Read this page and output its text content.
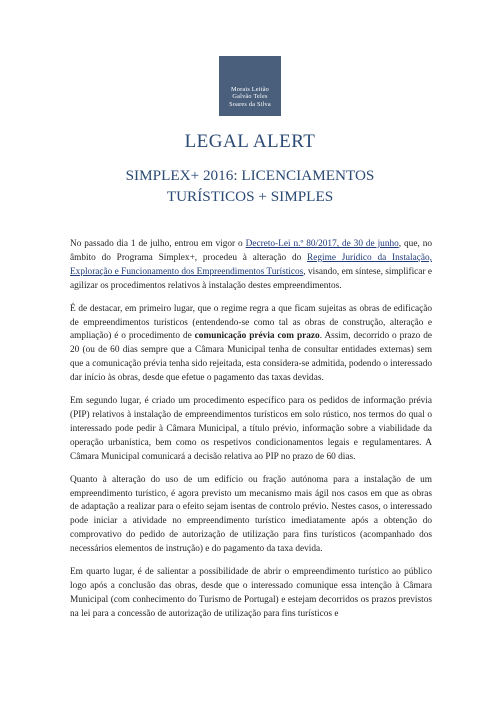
Morais Leitão
Galvão Teles
Soares da Silva
LEGAL ALERT
SIMPLEX+ 2016: LICENCIAMENTOS
TURÍSTICOS + SIMPLES

No passado dia 1 de julho, entrou em vigor o Decreto-Lei n.º 80/2017, de 30 de junho, que, no âmbito do Programa Simplex+, procedeu à alteração do Regime Jurídico da Instalação, Exploração e Funcionamento dos Empreendimentos Turísticos, visando, em síntese, simplificar e agilizar os procedimentos relativos à instalação destes empreendimentos.

É de destacar, em primeiro lugar, que o regime regra a que ficam sujeitas as obras de edificação de empreendimentos turísticos (entendendo-se como tal as obras de construção, alteração e ampliação) é o procedimento de comunicação prévia com prazo. Assim, decorrido o prazo de 20 (ou de 60 dias sempre que a Câmara Municipal tenha de consultar entidades externas) sem que a comunicação prévia tenha sido rejeitada, esta considera-se admitida, podendo o interessado dar início às obras, desde que efetue o pagamento das taxas devidas.

Em segundo lugar, é criado um procedimento específico para os pedidos de informação prévia (PIP) relativos à instalação de empreendimentos turísticos em solo rústico, nos termos do qual o interessado pode pedir à Câmara Municipal, a título prévio, informação sobre a viabilidade da operação urbanística, bem como os respetivos condicionamentos legais e regulamentares. A Câmara Municipal comunicará a decisão relativa ao PIP no prazo de 60 dias.

Quanto à alteração do uso de um edifício ou fração autónoma para a instalação de um empreendimento turístico, é agora previsto um mecanismo mais ágil nos casos em que as obras de adaptação a realizar para o efeito sejam isentas de controlo prévio. Nestes casos, o interessado pode iniciar a atividade no empreendimento turístico imediatamente após a obtenção do comprovativo do pedido de autorização de utilização para fins turísticos (acompanhado dos necessários elementos de instrução) e do pagamento da taxa devida.

Em quarto lugar, é de salientar a possibilidade de abrir o empreendimento turístico ao público logo após a conclusão das obras, desde que o interessado comunique essa intenção à Câmara Municipal (com conhecimento do Turismo de Portugal) e estejam decorridos os prazos previstos na lei para a concessão de autorização de utilização para fins turísticos e
